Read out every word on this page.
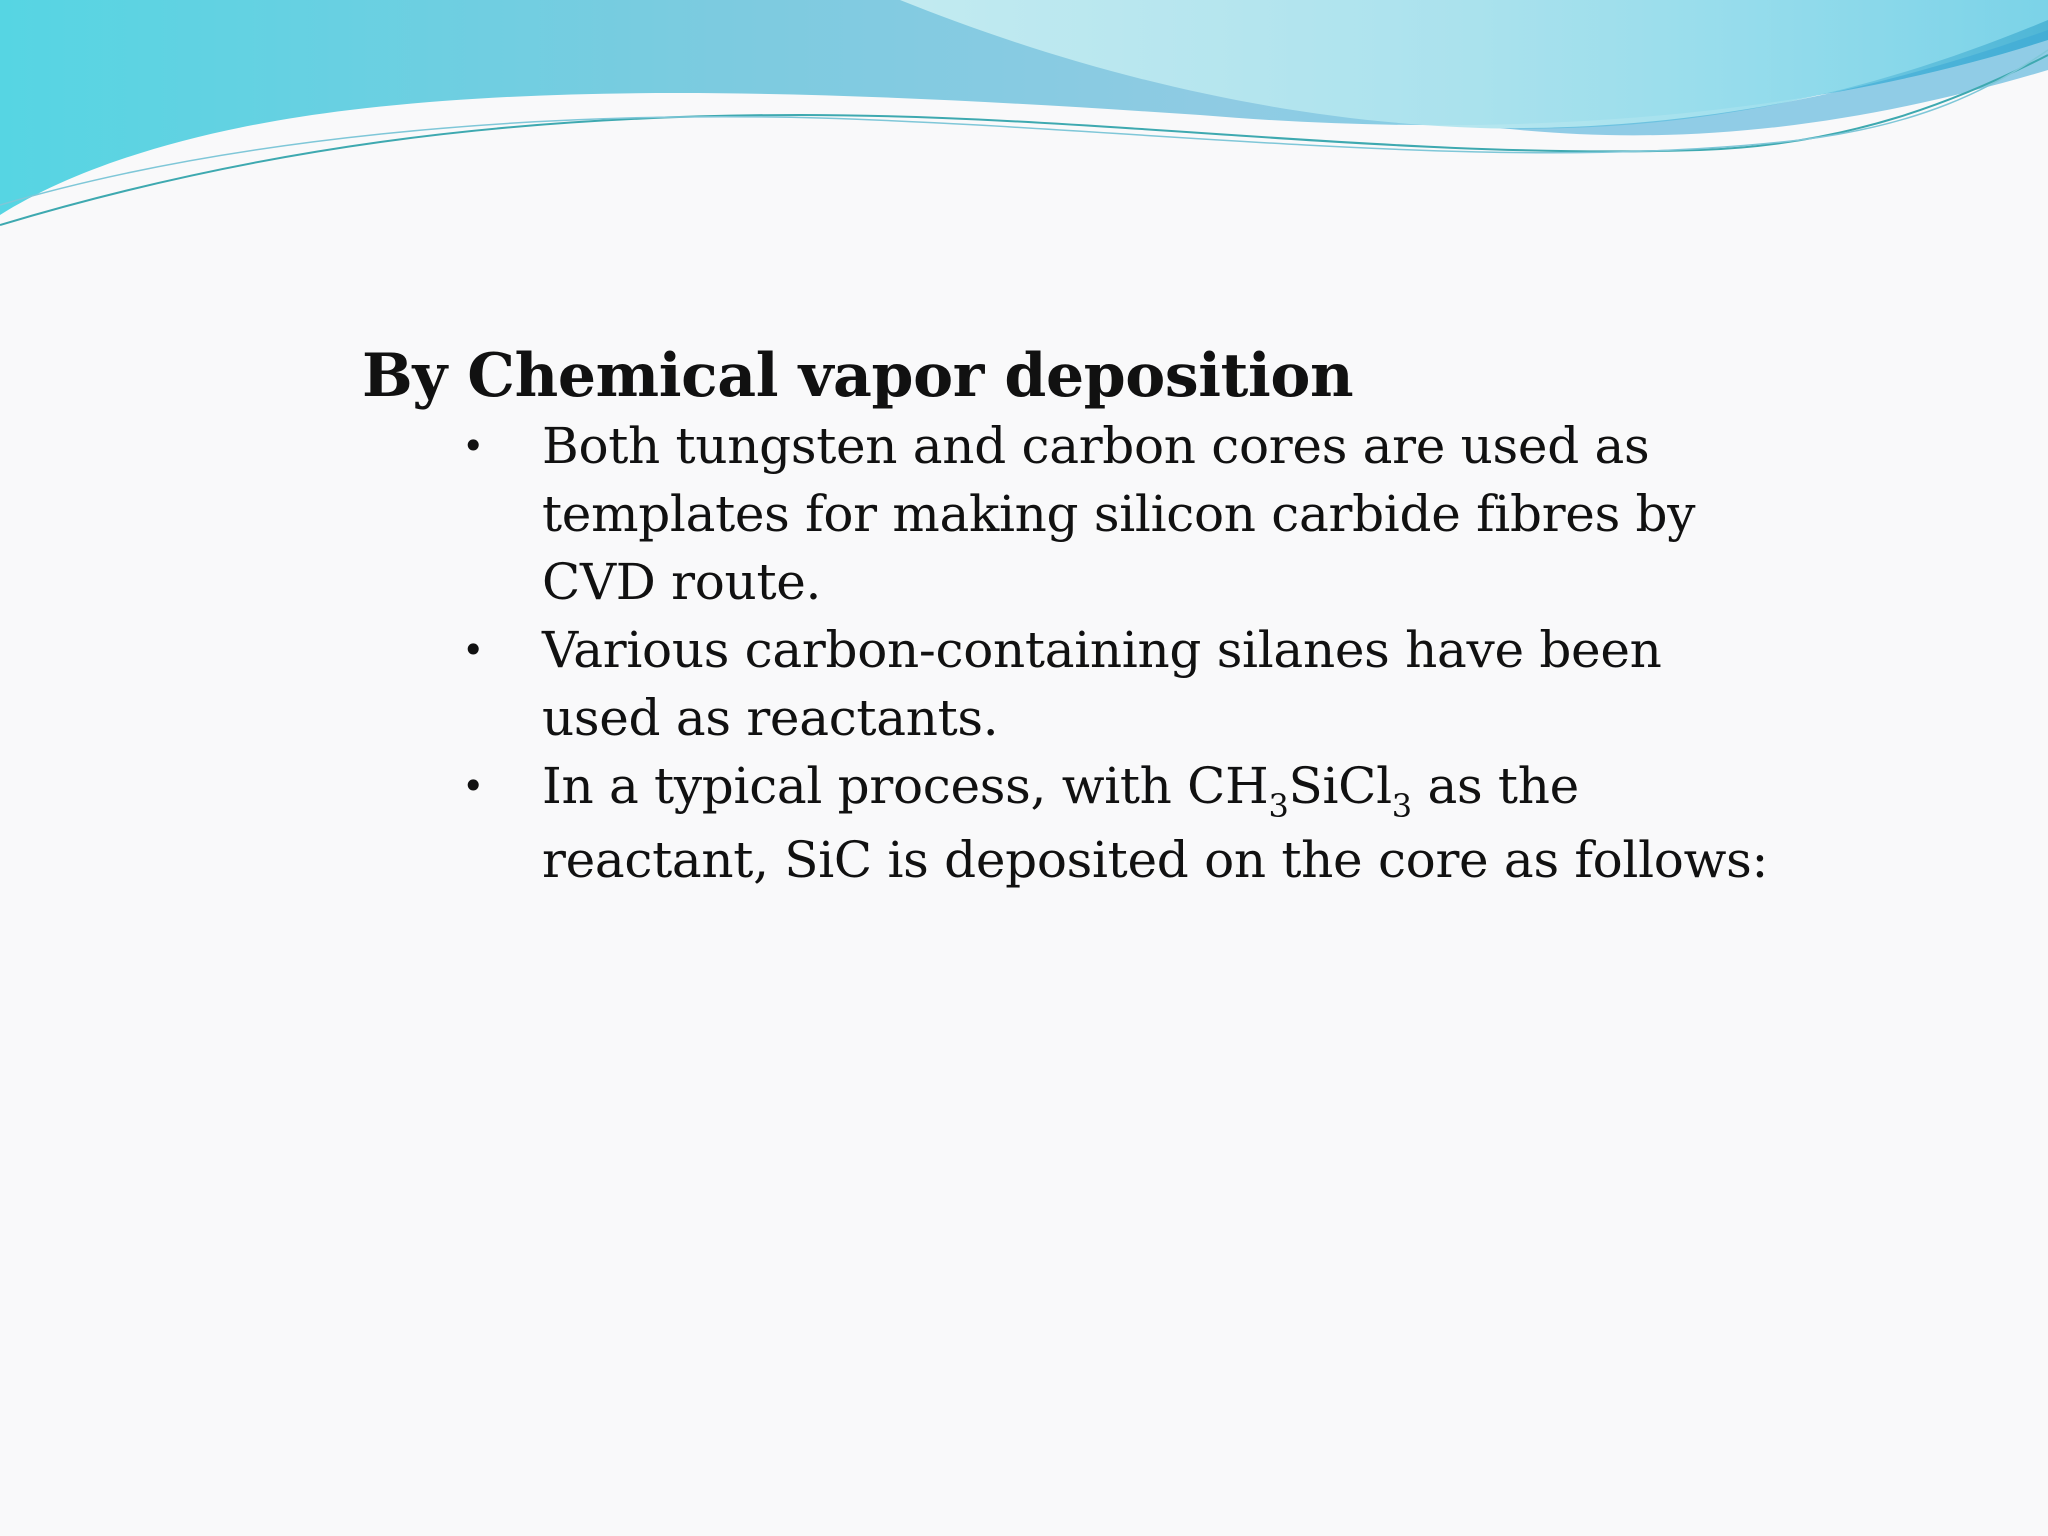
By Chemical vapor deposition
• Both tungsten and carbon cores are used as
templates for making silicon carbide fibres by
CVD route.
• Various carbon-containing silanes have been
used as reactants.
• In a typical process, with $CH_3SiCl_3$ as the
reactant, SiC is deposited on the core as follows:
